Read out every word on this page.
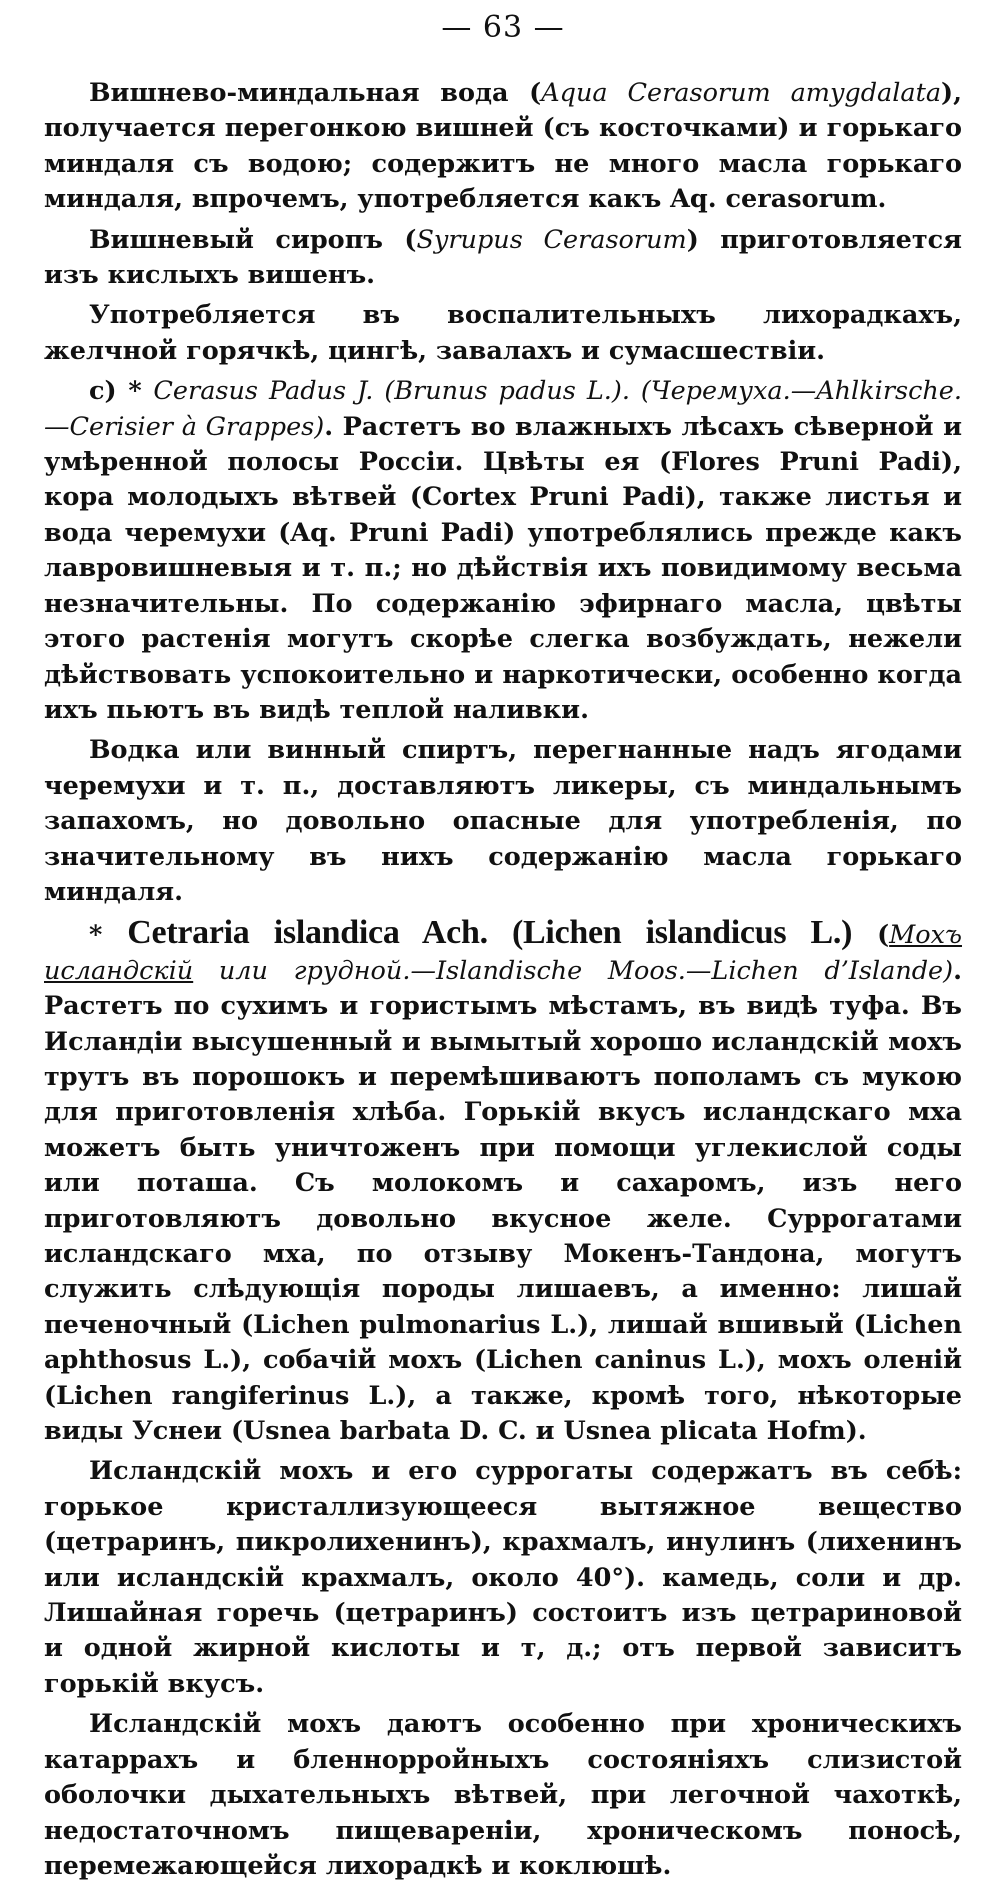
— 63 —

Вишнево-миндальная вода (Aqua Cerasorum amygdalata), получается перегонкою вишней (съ косточками) и горькаго миндаля съ водою; содержитъ не много масла горькаго миндаля, впрочемъ, употребляется какъ Aq. cerasorum.

Вишневый сиропъ (Syrupus Cerasorum) приготовляется изъ кислыхъ вишенъ.

Употребляется въ воспалительныхъ лихорадкахъ, желчной горячкѣ, цингѣ, завалахъ и сумасшествіи.

c) * Cerasus Padus J. (Brunus padus L.). (Черемуха.—Ahlkirsche.—Cerisier à Grappes). Растетъ во влажныхъ лѣсахъ сѣверной и умѣренной полосы Россіи. Цвѣты ея (Flores Pruni Padi), кора молодыхъ вѣтвей (Cortex Pruni Padi), также листья и вода черемухи (Aq. Pruni Padi) употреблялись прежде какъ лавровишневыя и т. п.; но дѣйствія ихъ повидимому весьма незначительны. По содержанію эфирнаго масла, цвѣты этого растенія могутъ скорѣе слегка возбуждать, нежели дѣйствовать успокоительно и наркотически, особенно когда ихъ пьютъ въ видѣ теплой наливки.

Водка или винный спиртъ, перегнанные надъ ягодами черемухи и т. п., доставляютъ ликеры, съ миндальнымъ запахомъ, но довольно опасные для употребленія, по значительному въ нихъ содержанію масла горькаго миндаля.

* Cetraria islandica Ach. (Lichen islandicus L.) (Мохъ исландскій или грудной.—Islandische Moos.—Lichen d’Islande). Растетъ по сухимъ и гористымъ мѣстамъ, въ видѣ туфа. Въ Исландіи высушенный и вымытый хорошо исландскій мохъ трутъ въ порошокъ и перемѣшиваютъ пополамъ съ мукою для приготовленія хлѣба. Горькій вкусъ исландскаго мха можетъ быть уничтоженъ при помощи углекислой соды или поташа. Съ молокомъ и сахаромъ, изъ него приготовляютъ довольно вкусное желе. Суррогатами исландскаго мха, по отзыву Мокенъ-Тандона, могутъ служить слѣдующія породы лишаевъ, а именно: лишай печеночный (Lichen pulmonarius L.), лишай вшивый (Lichen aphthosus L.), собачій мохъ (Lichen caninus L.), мохъ оленій (Lichen rangiferinus L.), а также, кромѣ того, нѣкоторые виды Уснеи (Usnea barbata D. C. и Usnea plicata Hofm).

Исландскій мохъ и его суррогаты содержатъ въ себѣ: горькое кристаллизующееся вытяжное вещество (цетраринъ, пикролихенинъ), крахмалъ, инулинъ (лихенинъ или исландскій крахмалъ, около 40°). камедь, соли и др. Лишайная горечь (цетраринъ) состоитъ изъ цетрариновой и одной жирной кислоты и т, д.; отъ первой зависитъ горькій вкусъ.

Исландскій мохъ даютъ особенно при хроническихъ катаррахъ и бленнорройныхъ состояніяхъ слизистой оболочки дыхательныхъ вѣтвей, при легочной чахоткѣ, недостаточномъ пищевареніи, хроническомъ поносѣ, перемежающейся лихорадкѣ и коклюшѣ.
